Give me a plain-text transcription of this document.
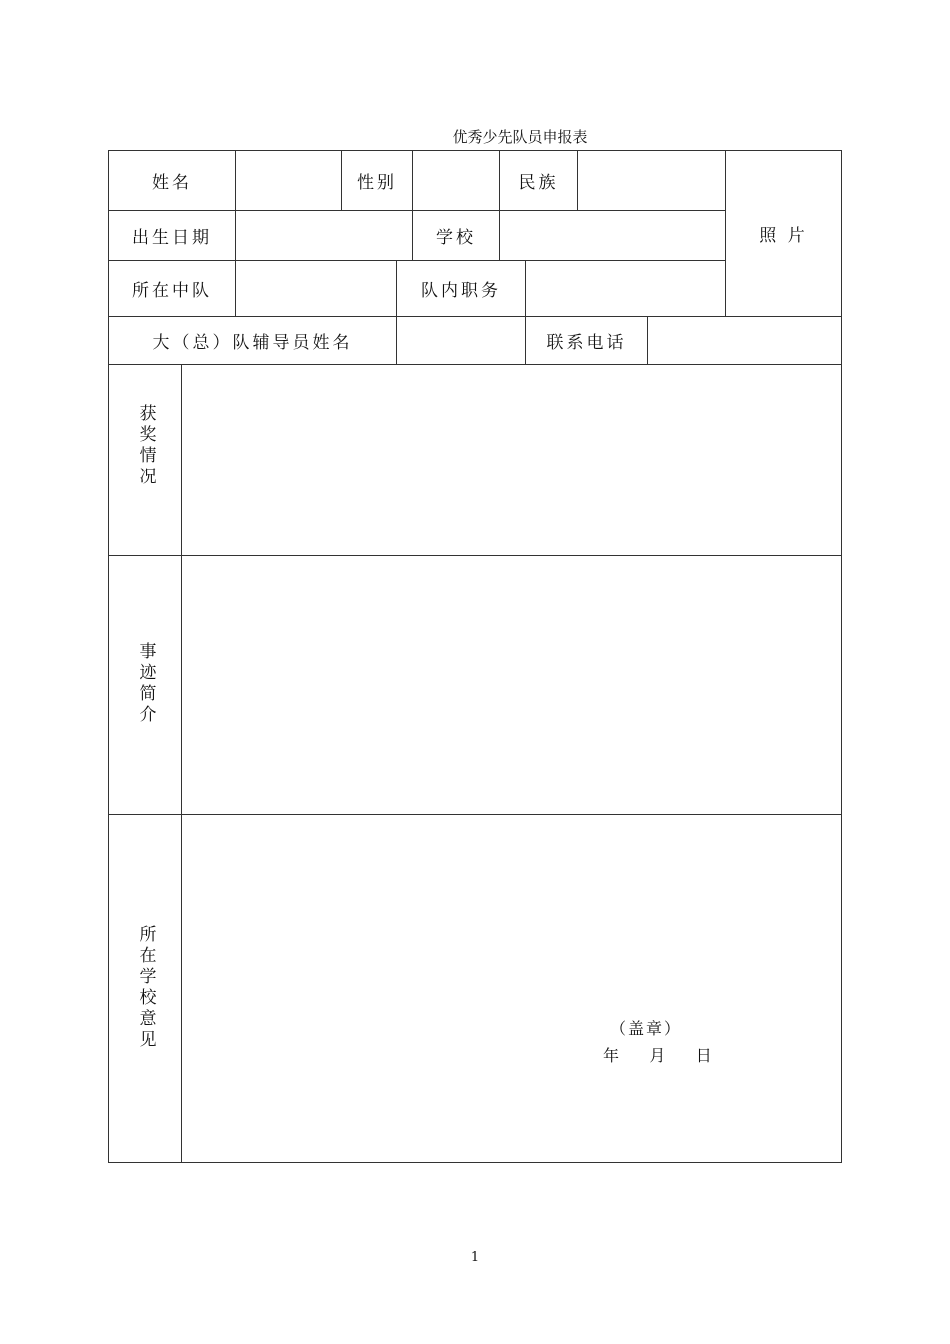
优秀少先队员申报表
姓名	性别	民族
照 片
出生日期	学校
所在中队	队内职务
大（总）队辅导员姓名	联系电话
获奖情况
事迹简介
所在学校意见	（盖章）
年    月    日
1
